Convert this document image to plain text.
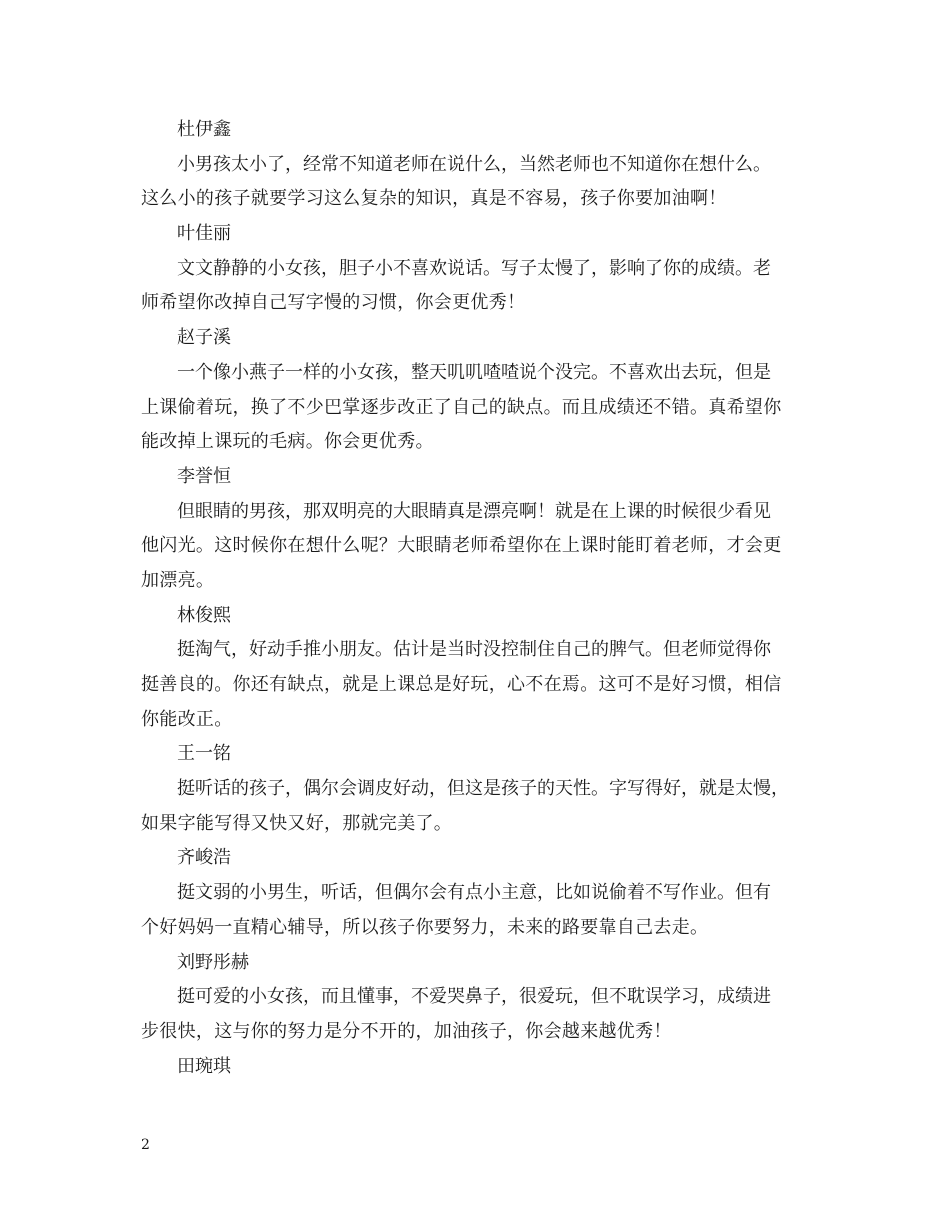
杜伊鑫
小男孩太小了，经常不知道老师在说什么，当然老师也不知道你在想什么。
这么小的孩子就要学习这么复杂的知识，真是不容易，孩子你要加油啊！
叶佳丽
文文静静的小女孩，胆子小不喜欢说话。写子太慢了，影响了你的成绩。老
师希望你改掉自己写字慢的习惯，你会更优秀！
赵子溪
一个像小燕子一样的小女孩，整天叽叽喳喳说个没完。不喜欢出去玩，但是
上课偷着玩，换了不少巴掌逐步改正了自己的缺点。而且成绩还不错。真希望你
能改掉上课玩的毛病。你会更优秀。
李誉恒
但眼睛的男孩，那双明亮的大眼睛真是漂亮啊！就是在上课的时候很少看见
他闪光。这时候你在想什么呢？大眼睛老师希望你在上课时能盯着老师，才会更
加漂亮。
林俊熙
挺淘气，好动手推小朋友。估计是当时没控制住自己的脾气。但老师觉得你
挺善良的。你还有缺点，就是上课总是好玩，心不在焉。这可不是好习惯，相信
你能改正。
王一铭
挺听话的孩子，偶尔会调皮好动，但这是孩子的天性。字写得好，就是太慢，
如果字能写得又快又好，那就完美了。
齐峻浩
挺文弱的小男生，听话，但偶尔会有点小主意，比如说偷着不写作业。但有
个好妈妈一直精心辅导，所以孩子你要努力，未来的路要靠自己去走。
刘野彤赫
挺可爱的小女孩，而且懂事，不爱哭鼻子，很爱玩，但不耽误学习，成绩进
步很快，这与你的努力是分不开的，加油孩子，你会越来越优秀！
田琬琪
2
